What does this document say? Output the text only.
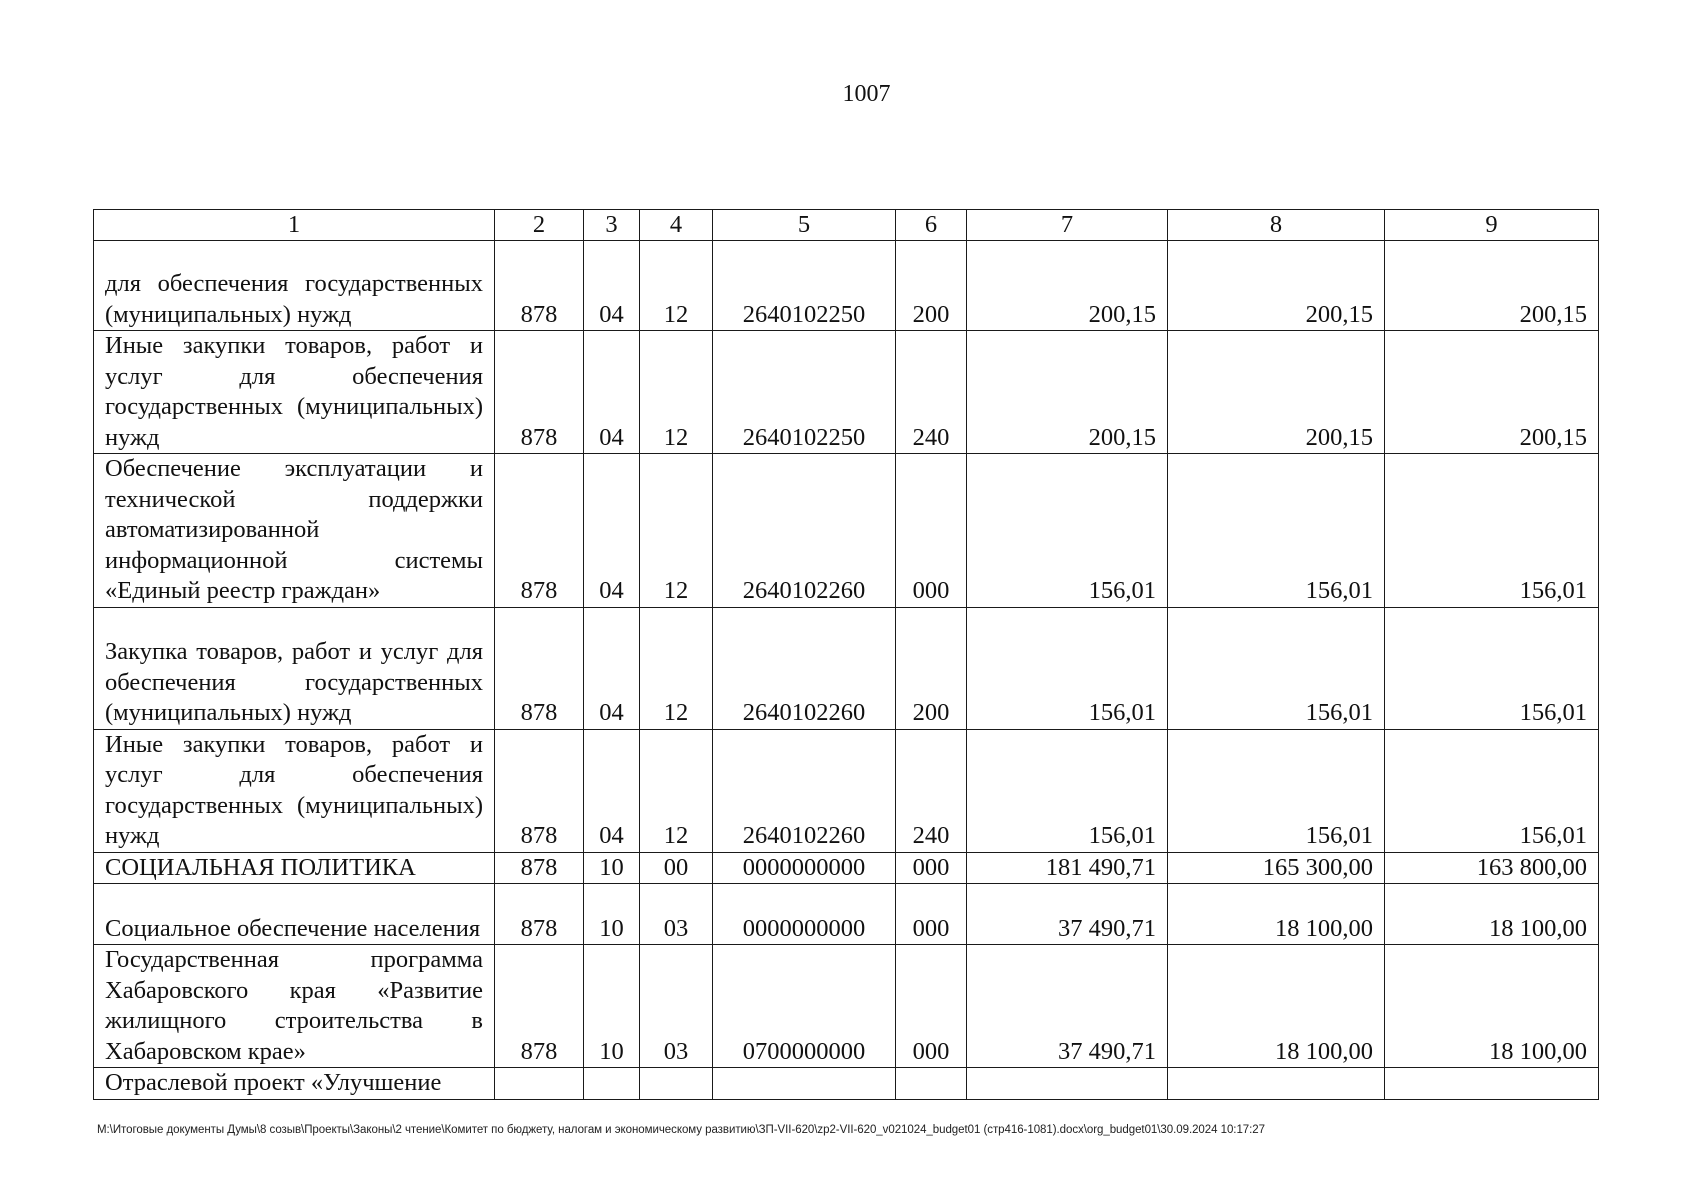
1007
1	2	3	4	5	6	7	8	9
для обеспечения государственных (муниципальных) нужд	878	04	12	2640102250	200	200,15	200,15	200,15
Иные закупки товаров, работ и услуг для обеспечения государственных (муниципальных) нужд	878	04	12	2640102250	240	200,15	200,15	200,15
Обеспечение эксплуатации и технической поддержки автоматизированной информационной системы «Единый реестр граждан»	878	04	12	2640102260	000	156,01	156,01	156,01
Закупка товаров, работ и услуг для обеспечения государственных (муниципальных) нужд	878	04	12	2640102260	200	156,01	156,01	156,01
Иные закупки товаров, работ и услуг для обеспечения государственных (муниципальных) нужд	878	04	12	2640102260	240	156,01	156,01	156,01
СОЦИАЛЬНАЯ ПОЛИТИКА	878	10	00	0000000000	000	181 490,71	165 300,00	163 800,00
Социальное обеспечение населения	878	10	03	0000000000	000	37 490,71	18 100,00	18 100,00
Государственная программа Хабаровского края «Развитие жилищного строительства в Хабаровском крае»	878	10	03	0700000000	000	37 490,71	18 100,00	18 100,00
Отраслевой проект «Улучшение								
M:\Итоговые документы Думы\8 созыв\Проекты\Законы\2 чтение\Комитет по бюджету, налогам и экономическому развитию\ЗП-VII-620\zp2-VII-620_v021024_budget01 (стр416-1081).docx\org_budget01\30.09.2024 10:17:27
